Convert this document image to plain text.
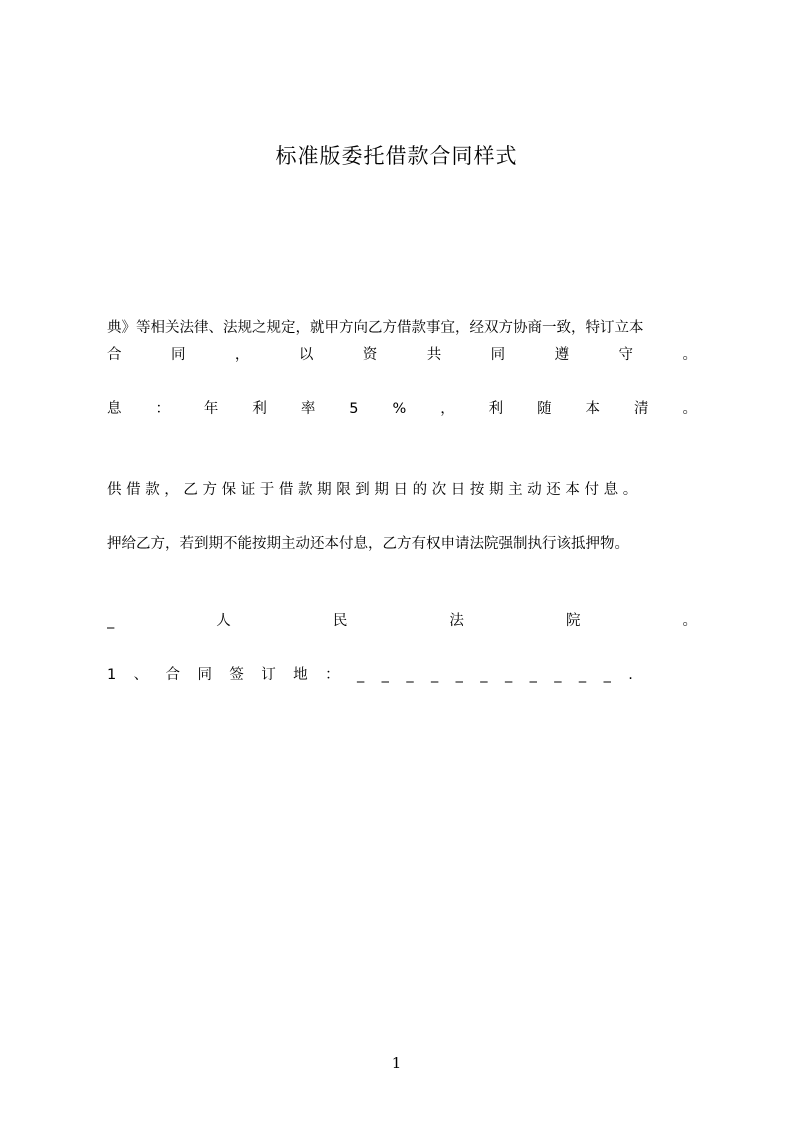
标准版委托借款合同样式
典》等相关法律、法规之规定，就甲方向乙方借款事宜，经双方协商一致，特订立本
合	同	，	以	资	共	同	遵	守	。
息 ： 年 利 率 5 % ， 利 随 本 清 。
供借款，乙方保证于借款期限到期日的次日按期主动还本付息。
押给乙方，若到期不能按期主动还本付息，乙方有权申请法院强制执行该抵押物。
_	人	民	法	院	。
1 、 合 同 签 订 地 ： _ _ _ _ _ _ _ _ _ _ _ .
1
